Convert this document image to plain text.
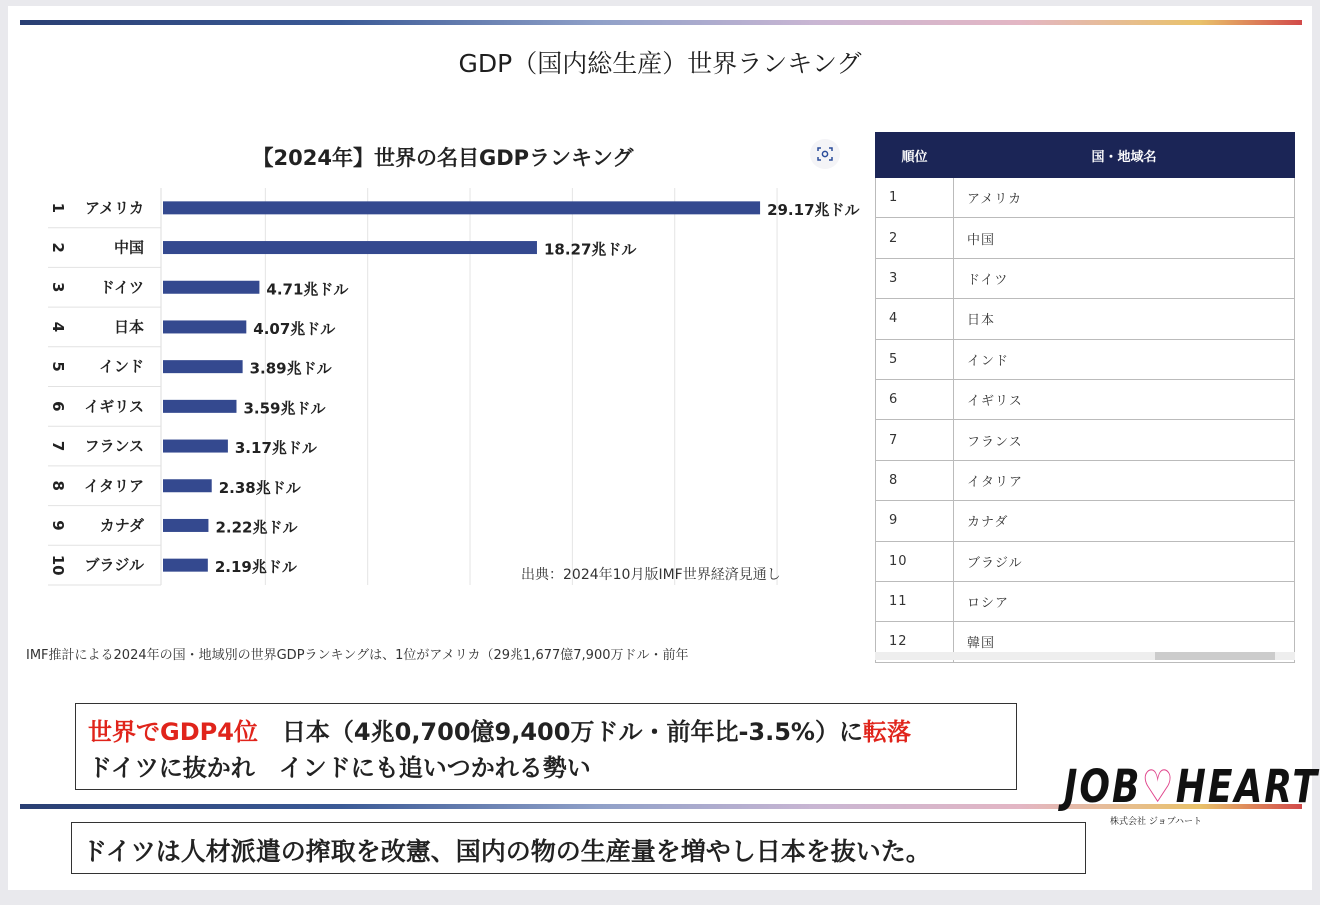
GDP（国内総生産）世界ランキング
【2024年】世界の名目GDPランキング
1 アメリカ	29.17兆ドル
2	中国	18.27兆ドル
3 ドイツ	4.71兆ドル
4	日本	4.07兆ドル
5 インド	3.89兆ドル
6 イギリス	3.59兆ドル
7 フランス	3.17兆ドル
8 イタリア	2.38兆ドル
9 カナダ	2.22兆ドル
10 ブラジル	2.19兆ドル	出典：2024年10月版IMF世界経済見通し
IMF推計による2024年の国・地域別の世界GDPランキングは、1位がアメリカ（29兆1,677億7,900万ドル・前年
順位	国・地域名
1	アメリカ
2	中国
3	ドイツ
4	日本
5	インド
6	イギリス
7	フランス
8	イタリア
9	カナダ
10	ブラジル
11	ロシア
12	韓国
世界でGDP4位　 日本（4兆0,700億9,400万ドル・前年比-3.5%）に転落
ドイツに抜かれ　インドにも追いつかれる勢い	JOB♡HEART
株式会社 ジョブハート
ドイツは人材派遣の搾取を改憲、国内の物の生産量を増やし日本を抜いた。
